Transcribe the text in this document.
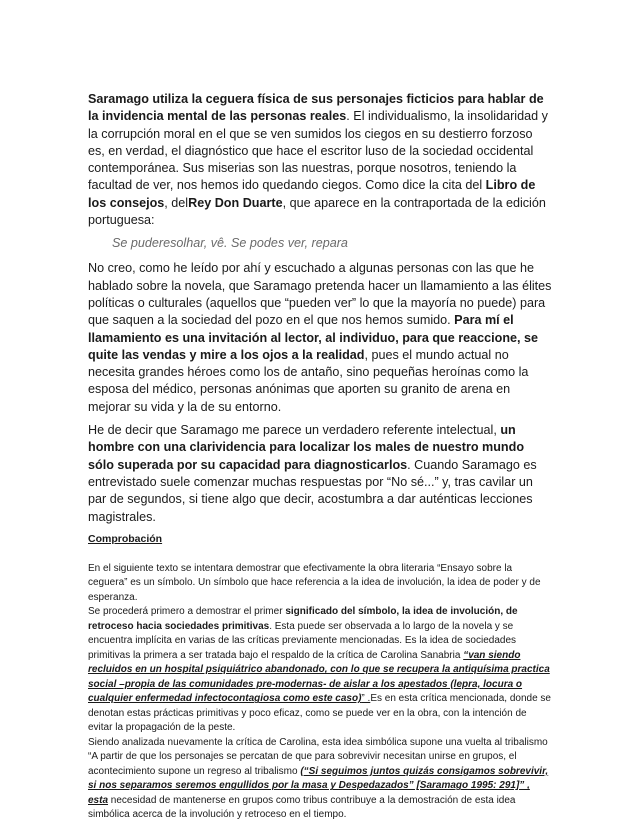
Saramago utiliza la ceguera física de sus personajes ficticios para hablar de la invidencia mental de las personas reales. El individualismo, la insolidaridad y la corrupción moral en el que se ven sumidos los ciegos en su destierro forzoso es, en verdad, el diagnóstico que hace el escritor luso de la sociedad occidental contemporánea. Sus miserias son las nuestras, porque nosotros, teniendo la facultad de ver, nos hemos ido quedando ciegos. Como dice la cita del Libro de los consejos, delRey Don Duarte, que aparece en la contraportada de la edición portuguesa:

Se puderesolhar, vê. Se podes ver, repara

No creo, como he leído por ahí y escuchado a algunas personas con las que he hablado sobre la novela, que Saramago pretenda hacer un llamamiento a las élites políticas o culturales (aquellos que “pueden ver” lo que la mayoría no puede) para que saquen a la sociedad del pozo en el que nos hemos sumido. Para mí el llamamiento es una invitación al lector, al individuo, para que reaccione, se quite las vendas y mire a los ojos a la realidad, pues el mundo actual no necesita grandes héroes como los de antaño, sino pequeñas heroínas como la esposa del médico, personas anónimas que aporten su granito de arena en mejorar su vida y la de su entorno.

He de decir que Saramago me parece un verdadero referente intelectual, un hombre con una clarividencia para localizar los males de nuestro mundo sólo superada por su capacidad para diagnosticarlos. Cuando Saramago es entrevistado suele comenzar muchas respuestas por “No sé...” y, tras cavilar un par de segundos, si tiene algo que decir, acostumbra a dar auténticas lecciones magistrales.

Comprobación

En el siguiente texto se intentara demostrar que efectivamente la obra literaria “Ensayo sobre la ceguera” es un símbolo. Un símbolo que hace referencia a la idea de involución, la idea de poder y de esperanza.

Se procederá primero a demostrar el primer significado del símbolo, la idea de involución, de retroceso hacia sociedades primitivas. Esta puede ser observada a lo largo de la novela y se encuentra implícita en varias de las críticas previamente mencionadas. Es la idea de sociedades primitivas la primera a ser tratada bajo el respaldo de la crítica de Carolina Sanabria “van siendo recluidos en un hospital psiquiátrico abandonado, con lo que se recupera la antiquísima practica social –propia de las comunidades pre-modernas- de aislar a los apestados (lepra, locura o cualquier enfermedad infectocontagiosa como este caso)” .Es en esta crítica mencionada, donde se denotan estas prácticas primitivas y poco eficaz, como se puede ver en la obra, con la intención de evitar la propagación de la peste.

Siendo analizada nuevamente la crítica de Carolina, esta idea simbólica supone una vuelta al tribalismo “A partir de que los personajes se percatan de que para sobrevivir necesitan unirse en grupos, el acontecimiento supone un regreso al tribalismo (“Si seguimos juntos quizás consigamos sobrevivir, si nos separamos seremos engullidos por la masa y Despedazados” [Saramago 1995: 291]” , esta necesidad de mantenerse en grupos como tribus contribuye a la demostración de esta idea simbólica acerca de la involución y retroceso en el tiempo.
